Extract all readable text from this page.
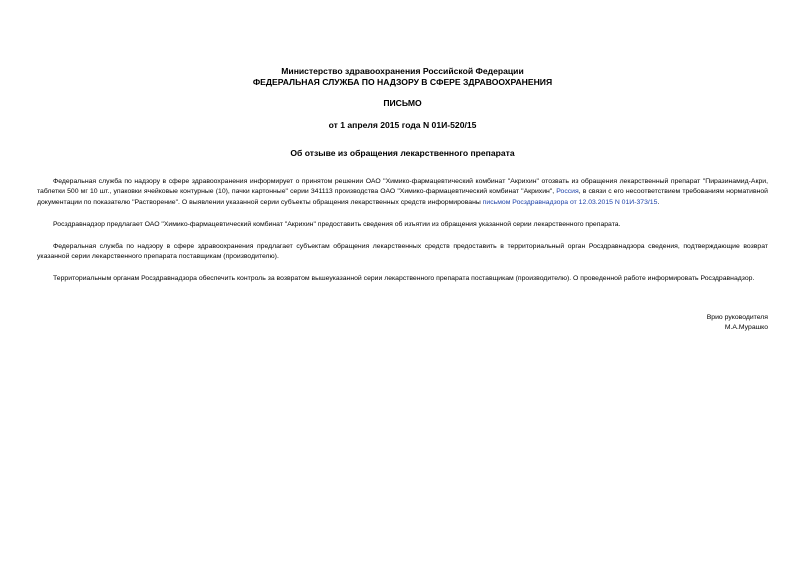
Министерство здравоохранения Российской Федерации

ФЕДЕРАЛЬНАЯ СЛУЖБА ПО НАДЗОРУ В СФЕРЕ ЗДРАВООХРАНЕНИЯ

ПИСЬМО

от 1 апреля 2015 года N 01И-520/15

Об отзыве из обращения лекарственного препарата

Федеральная служба по надзору в сфере здравоохранения информирует о принятом решении ОАО "Химико-фармацевтический комбинат "Акрихин" отозвать из обращения лекарственный препарат "Пиразинамид-Акри, таблетки 500 мг 10 шт., упаковки ячейковые контурные (10), пачки картонные" серии 341113 производства ОАО "Химико-фармацевтический комбинат "Акрихин", Россия, в связи с его несоответствием требованиям нормативной документации по показателю "Растворение". О выявлении указанной серии субъекты обращения лекарственных средств информированы письмом Росздравнадзора от 12.03.2015 N 01И-373/15.

Росздравнадзор предлагает ОАО "Химико-фармацевтический комбинат "Акрихин" предоставить сведения об изъятии из обращения указанной серии лекарственного препарата.

Федеральная служба по надзору в сфере здравоохранения предлагает субъектам обращения лекарственных средств предоставить в территориальный орган Росздравнадзора сведения, подтверждающие возврат указанной серии лекарственного препарата поставщикам (производителю).

Территориальным органам Росздравнадзора обеспечить контроль за возвратом вышеуказанной серии лекарственного препарата поставщикам (производителю). О проведенной работе информировать Росздравнадзор.

Врио руководителя
М.А.Мурашко
